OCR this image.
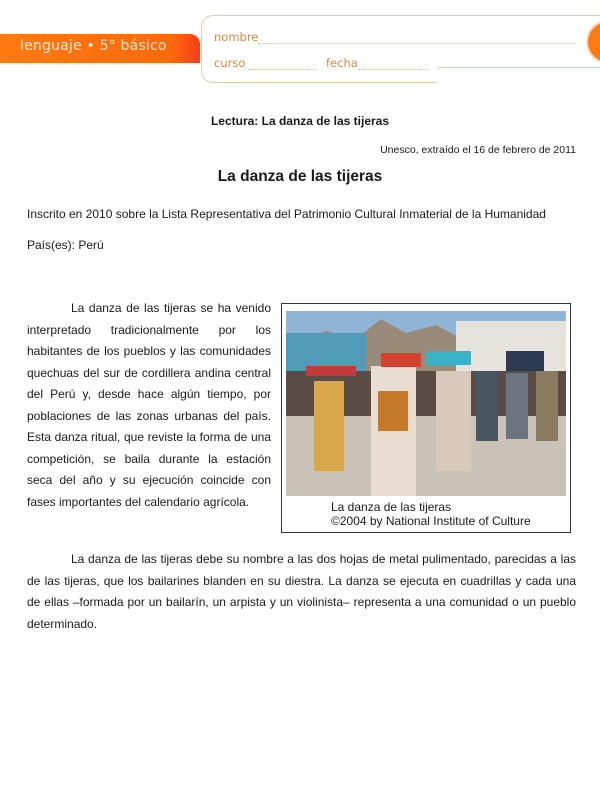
lenguaje • 5° básico
nombre
curso	fecha
Lectura: La danza de las tijeras
Unesco, extraído el 16 de febrero de 2011
La danza de las tijeras
Inscrito en 2010 sobre la Lista Representativa del Patrimonio Cultural Inmaterial de la Humanidad
País(es): Perú
La danza de las tijeras se ha venido interpretado tradicionalmente por los habitantes de los pueblos y las comunidades quechuas del sur de cordillera andina central del Perú y, desde hace algún tiempo, por poblaciones de las zonas urbanas del país. Esta danza ritual, que reviste la forma de una competición, se baila durante la estación seca del año y su ejecución coincide con fases importantes del calendario agrícola.	La danza de las tijeras
©2004 by National Institute of Culture
La danza de las tijeras debe su nombre a las dos hojas de metal pulimentado, parecidas a las de las tijeras, que los bailarines blanden en su diestra. La danza se ejecuta en cuadrillas y cada una de ellas –formada por un bailarín, un arpista y un violinista– representa a una comunidad o un pueblo determinado.
